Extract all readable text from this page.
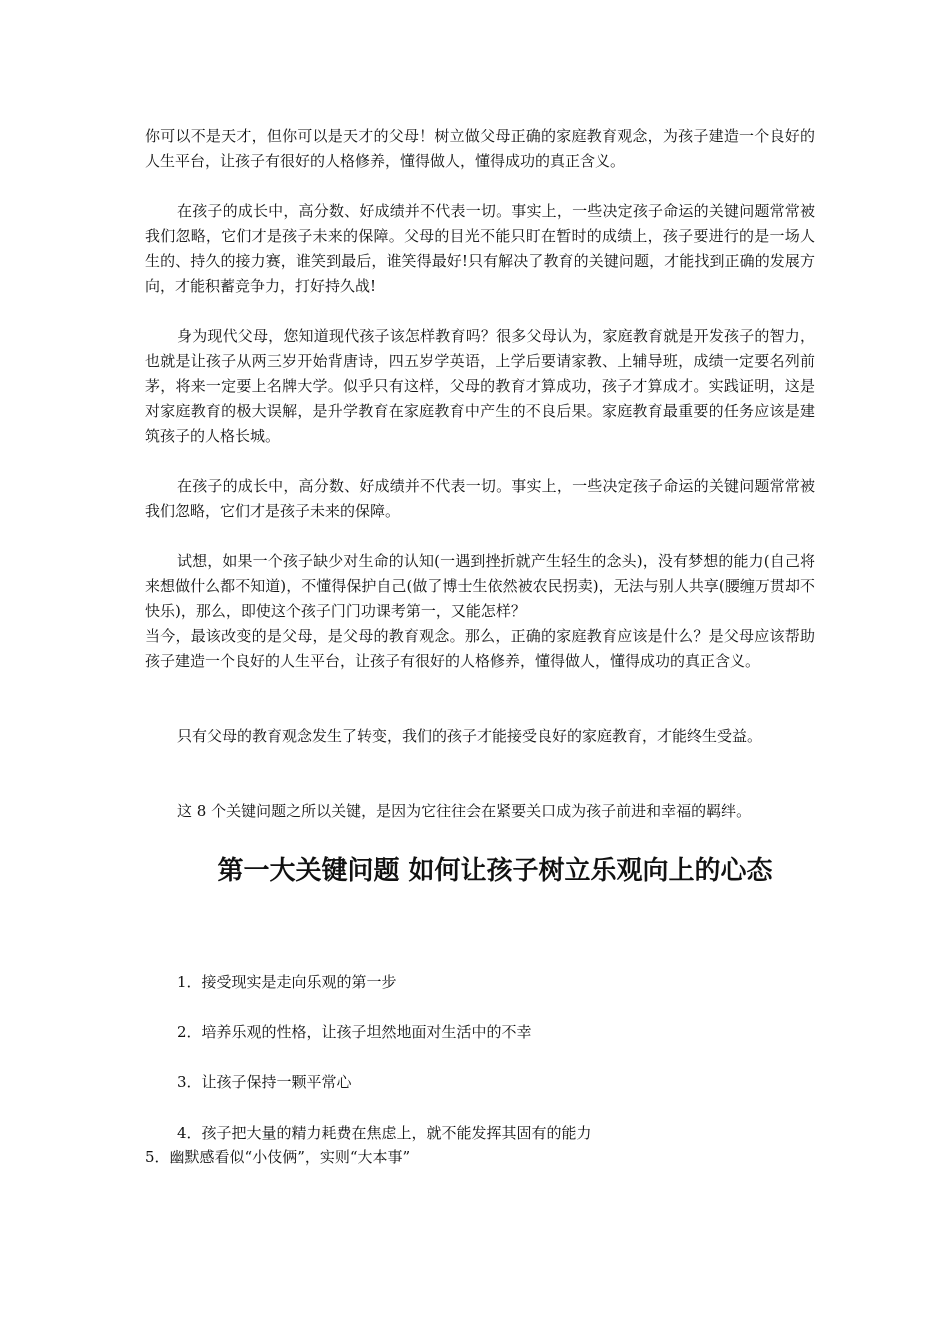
你可以不是天才，但你可以是天才的父母！树立做父母正确的家庭教育观念，为孩子建造一个良好的人生平台，让孩子有很好的人格修养，懂得做人，懂得成功的真正含义。

在孩子的成长中，高分数、好成绩并不代表一切。事实上，一些决定孩子命运的关键问题常常被我们忽略，它们才是孩子未来的保障。父母的目光不能只盯在暂时的成绩上，孩子要进行的是一场人生的、持久的接力赛，谁笑到最后，谁笑得最好!只有解决了教育的关键问题，才能找到正确的发展方向，才能积蓄竞争力，打好持久战!

身为现代父母，您知道现代孩子该怎样教育吗？很多父母认为，家庭教育就是开发孩子的智力，也就是让孩子从两三岁开始背唐诗，四五岁学英语，上学后要请家教、上辅导班，成绩一定要名列前茅，将来一定要上名牌大学。似乎只有这样，父母的教育才算成功，孩子才算成才。实践证明，这是对家庭教育的极大误解，是升学教育在家庭教育中产生的不良后果。家庭教育最重要的任务应该是建筑孩子的人格长城。

在孩子的成长中，高分数、好成绩并不代表一切。事实上，一些决定孩子命运的关键问题常常被我们忽略，它们才是孩子未来的保障。

试想，如果一个孩子缺少对生命的认知(一遇到挫折就产生轻生的念头)，没有梦想的能力(自己将来想做什么都不知道)，不懂得保护自己(做了博士生依然被农民拐卖)，无法与别人共享(腰缠万贯却不快乐)，那么，即使这个孩子门门功课考第一，又能怎样？

当今，最该改变的是父母，是父母的教育观念。那么，正确的家庭教育应该是什么？是父母应该帮助孩子建造一个良好的人生平台，让孩子有很好的人格修养，懂得做人，懂得成功的真正含义。

只有父母的教育观念发生了转变，我们的孩子才能接受良好的家庭教育，才能终生受益。

这 8 个关键问题之所以关键，是因为它往往会在紧要关口成为孩子前进和幸福的羁绊。

第一大关键问题 如何让孩子树立乐观向上的心态

1．接受现实是走向乐观的第一步

2．培养乐观的性格，让孩子坦然地面对生活中的不幸

3．让孩子保持一颗平常心

4．孩子把大量的精力耗费在焦虑上，就不能发挥其固有的能力

5．幽默感看似“小伎俩”，实则“大本事”
